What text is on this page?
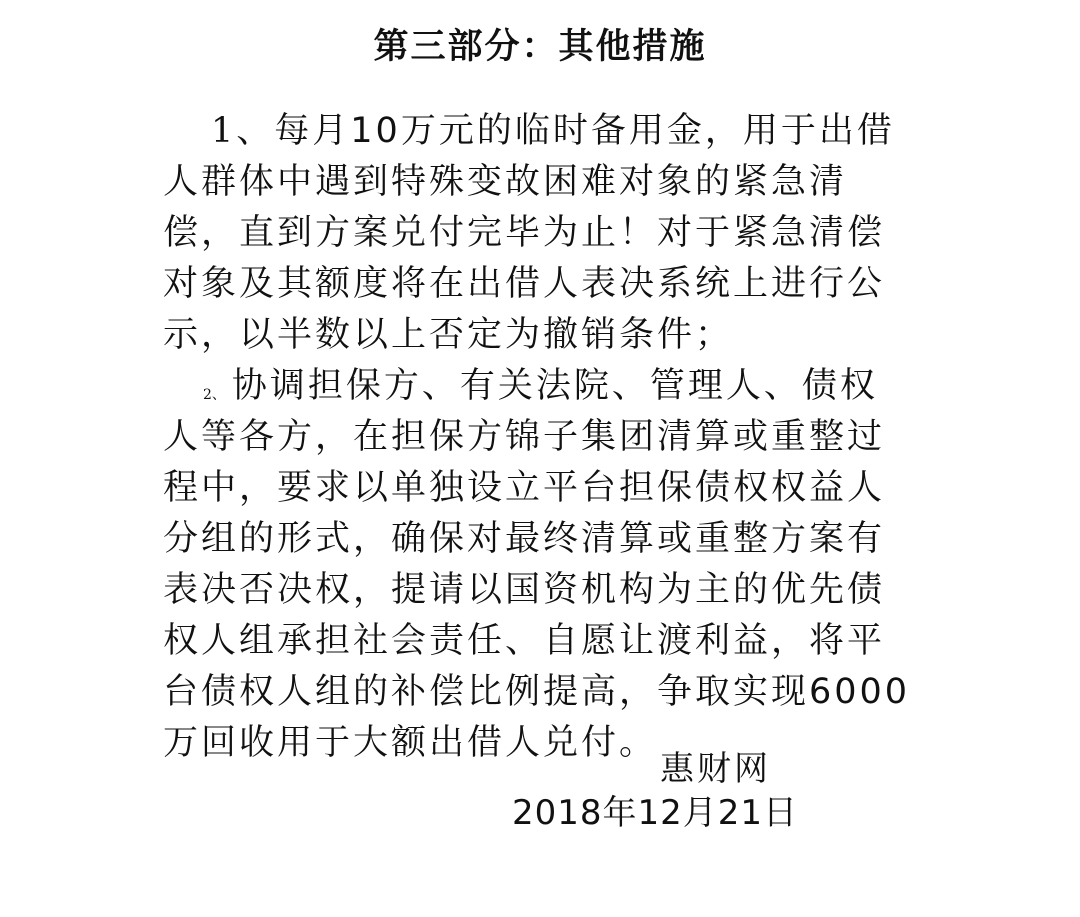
第三部分：其他措施
1、每月10万元的临时备用金，用于出借
人群体中遇到特殊变故困难对象的紧急清
偿，直到方案兑付完毕为止！对于紧急清偿
对象及其额度将在出借人表决系统上进行公
示，以半数以上否定为撤销条件；
2、 协调担保方、有关法院、管理人、债权
人等各方，在担保方锦子集团清算或重整过
程中，要求以单独设立平台担保债权权益人
分组的形式，确保对最终清算或重整方案有
表决否决权，提请以国资机构为主的优先债
权人组承担社会责任、自愿让渡利益，将平
台债权人组的补偿比例提高，争取实现6000
万回收用于大额出借人兑付。
惠财网
2018年12月21日
